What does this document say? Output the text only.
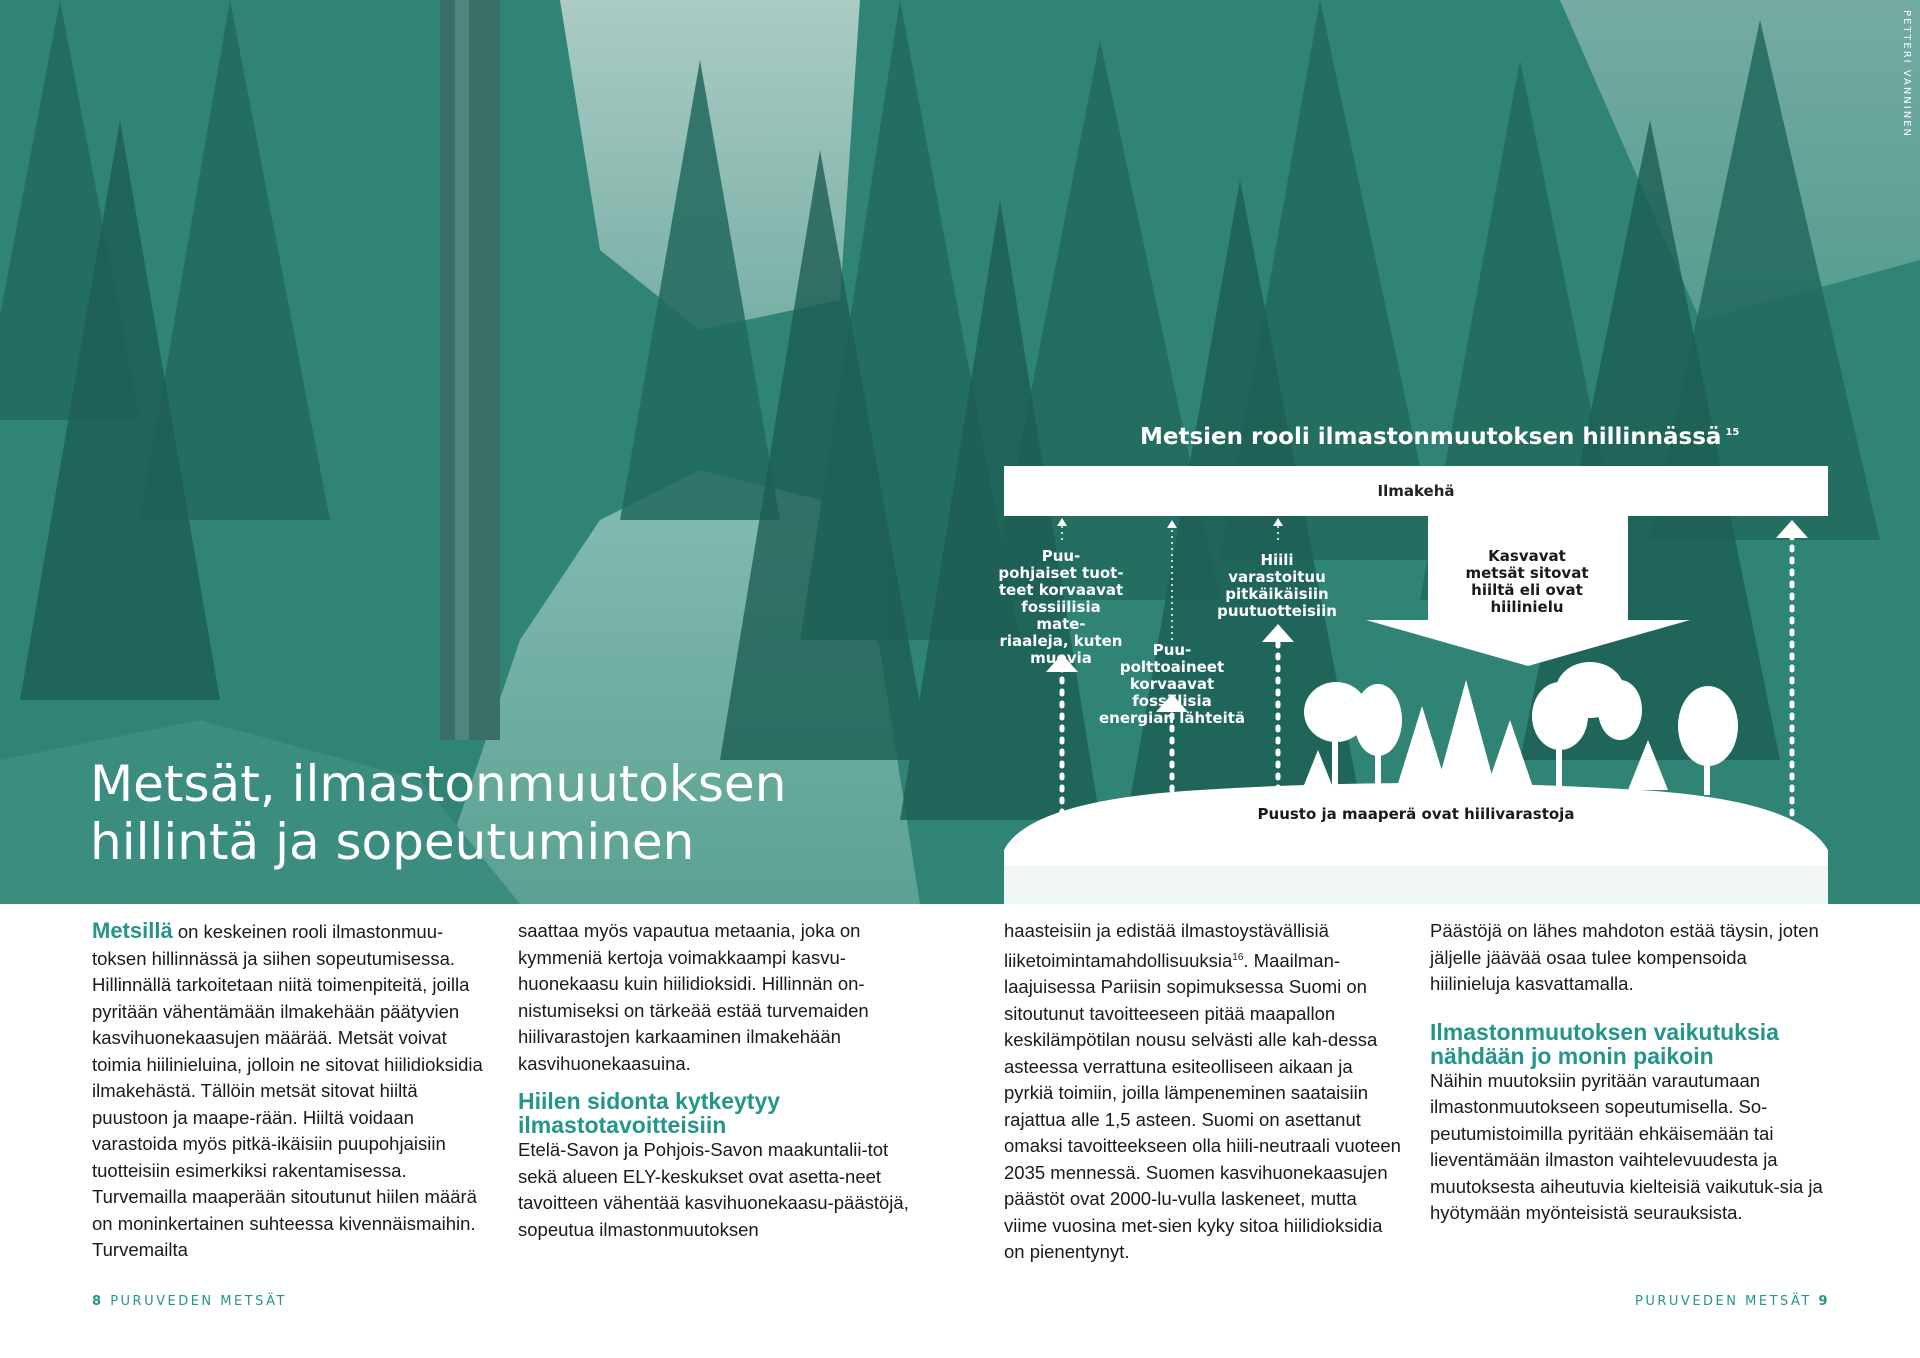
PETTERI VANNINEN
Metsät, ilmastonmuutoksen
hillintä ja sopeutuminen
Metsien rooli ilmastonmuutoksen hillinnässä $^{15}$
Ilmakehä
Puu-
pohjaiset tuot-
teet korvaavat
fossiilisia mate-
riaaleja, kuten
muovia	Puu-
polttoaineet
korvaavat
fossiilisia
energian lähteitä
Hiili
varastoituu
pitkäikäisiin
puutuotteisiin
Kasvavat
metsät sitovat
hiiltä eli ovat
hiilinielu
Puusto ja maaperä ovat hiilivarastoja

Metsillä on keskeinen rooli ilmastonmuu-toksen hillinnässä ja siihen sopeutumisessa. Hillinnällä tarkoitetaan niitä toimenpiteitä, joilla pyritään vähentämään ilmakehään päätyvien kasvihuonekaasujen määrää. Metsät voivat toimia hiilinieluina, jolloin ne sitovat hiilidioksidia ilmakehästä. Tällöin metsät sitovat hiiltä puustoon ja maape-rään. Hiiltä voidaan varastoida myös pitkä-ikäisiin puupohjaisiin tuotteisiin esimerkiksi rakentamisessa. Turvemailla maaperään sitoutunut hiilen määrä on moninkertainen suhteessa kivennäismaihin. Turvemailta

saattaa myös vapautua metaania, joka on kymmeniä kertoja voimakkaampi kasvu-huonekaasu kuin hiilidioksidi. Hillinnän on-nistumiseksi on tärkeää estää turvemaiden hiilivarastojen karkaaminen ilmakehään kasvihuonekaasuina.

Hiilen sidonta kytkeytyy ilmastotavoitteisiin

Etelä-Savon ja Pohjois-Savon maakuntalii-tot sekä alueen ELY-keskukset ovat asetta-neet tavoitteen vähentää kasvihuonekaasu-päästöjä, sopeutua ilmastonmuutoksen

haasteisiin ja edistää ilmastoystävällisiä liiketoimintamahdollisuuksia$^{16}$. Maailman-laajuisessa Pariisin sopimuksessa Suomi on sitoutunut tavoitteeseen pitää maapallon keskilämpötilan nousu selvästi alle kah-dessa asteessa verrattuna esiteolliseen aikaan ja pyrkiä toimiin, joilla lämpeneminen saataisiin rajattua alle 1,5 asteen. Suomi on asettanut omaksi tavoitteekseen olla hiili-neutraali vuoteen 2035 mennessä. Suomen kasvihuonekaasujen päästöt ovat 2000-lu-vulla laskeneet, mutta viime vuosina met-sien kyky sitoa hiilidioksidia on pienentynyt.

Päästöjä on lähes mahdoton estää täysin, joten jäljelle jäävää osaa tulee kompensoida hiilinieluja kasvattamalla.

Ilmastonmuutoksen vaikutuksia nähdään jo monin paikoin

Näihin muutoksiin pyritään varautumaan ilmastonmuutokseen sopeutumisella. So-peutumistoimilla pyritään ehkäisemään tai lieventämään ilmaston vaihtelevuudesta ja muutoksesta aiheutuvia kielteisiä vaikutuk-sia ja hyötymään myönteisistä seurauksista.

8 PURUVEDEN METSÄT	PURUVEDEN METSÄT 9
